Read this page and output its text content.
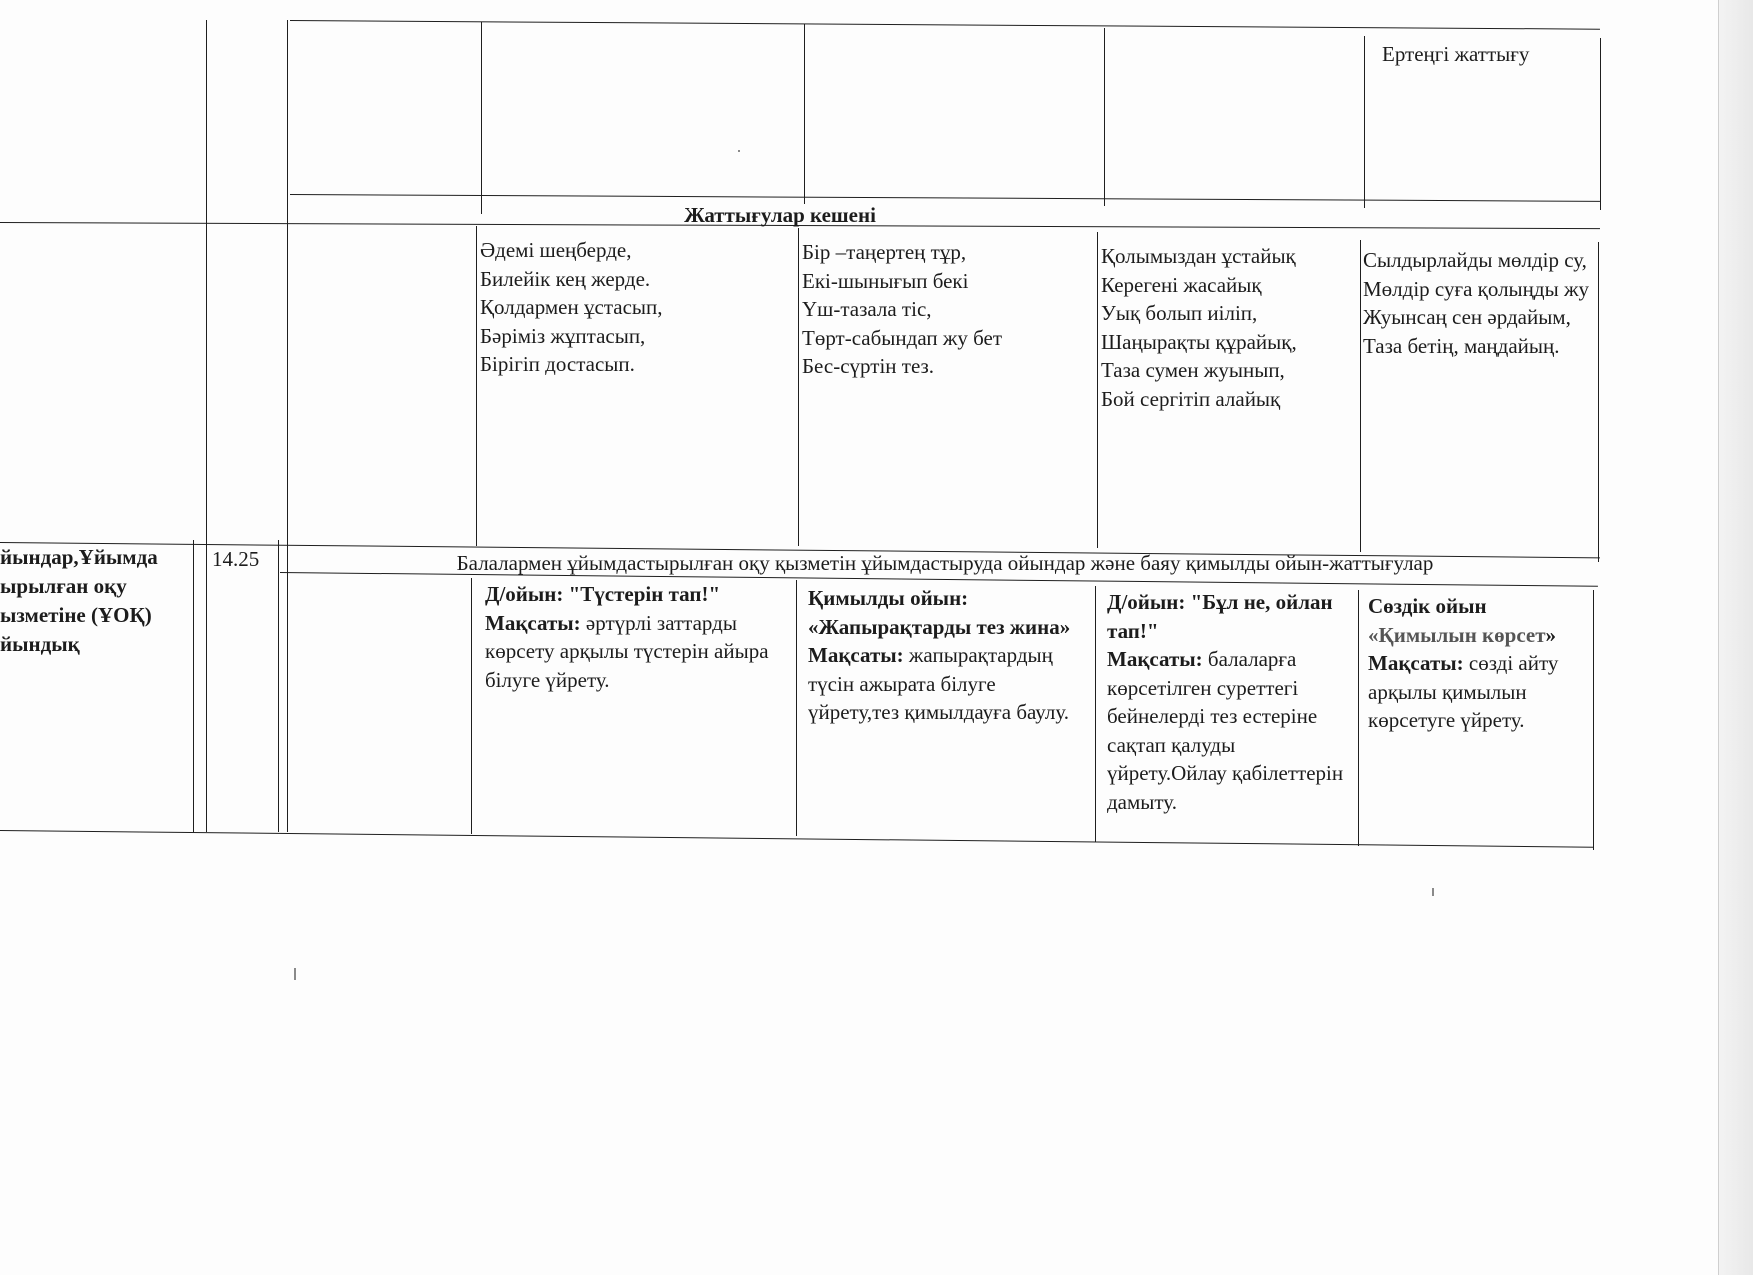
Ертеңгі жаттығу
Жаттығулар кешені
Әдемі шеңберде,
Билейік кең жерде.
Қолдармен ұстасып,
Бәріміз жұптасып,
Бірігіп достасып.
Бір –таңертең тұр,
Екі-шынығып бекі
Үш-тазала тіс,
Төрт-сабындап жу бет
Бес-сүртін тез.
Қолымыздан ұстайық
Керегені жасайық
Уық болып иіліп,
Шаңырақты құрайық,
Таза сумен жуынып,
Бой сергітіп алайық
Сылдырлайды мөлдір су, Мөлдір суға қолыңды жу Жуынсаң сен әрдайым, Таза бетің, маңдайың.
йындар,Ұйымда
ырылған оқу
ызметіне (ҰОҚ)
йындық
14.25	Балалармен ұйымдастырылған оқу қызметін ұйымдастыруда ойындар және баяу қимылды ойын-жаттығулар
Д/ойын: "Түстерін тап!"
Мақсаты: әртүрлі заттарды көрсету арқылы түстерін айыра білуге үйрету.
Қимылды ойын: «Жапырақтарды тез жина»
Мақсаты: жапырақтардың түсін ажырата білуге үйрету,тез қимылдауға баулу.
Д/ойын: "Бұл не, ойлан тап!"
Мақсаты: балаларға көрсетілген суреттегі бейнелерді тез естеріне сақтап қалуды үйрету.Ойлау қабілеттерін дамыту.
Сөздік ойын «Қимылын көрсет» Мақсаты: сөзді айту арқылы қимылын көрсетуге үйрету.
